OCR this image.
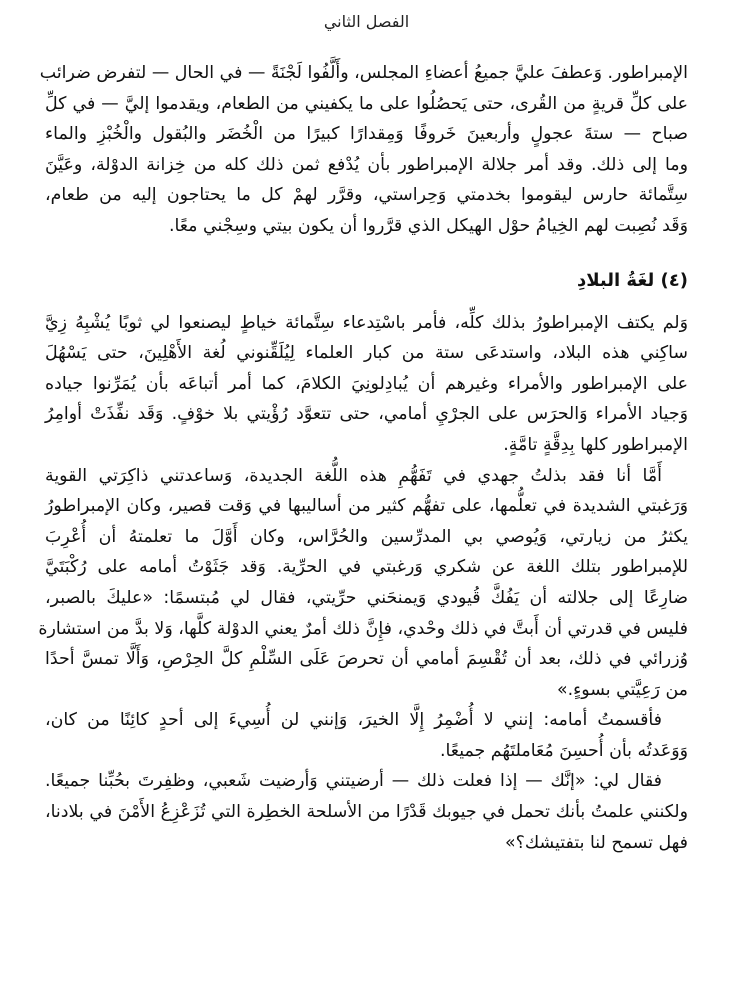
الفصل الثاني

الإمبراطور. وَعطفَ عليَّ جميعُ أعضاءِ المجلس، وأَلَّفُوا لَجْنَةً — في الحال — لتفرض ضرائب
على كلِّ قريةٍ من القُرى، حتى يَحصُلُوا على ما يكفيني من الطعام، ويقدموا إليَّ — في كلِّ
صباح — ستةَ عجولٍ وأربعينَ خَروفًا وَمِقدارًا كبيرًا من الْخُضَر والبُقول والْخُبْزِ والماء
وما إلى ذلك. وقد أمر جلالة الإمبراطور بأن يُدْفع ثمن ذلك كله من خِزانة الدوْلة، وعَيَّنَ
سِتَّمائة حارس ليقوموا بخدمتي وَحِراستي، وقرَّر لهمْ كل ما يحتاجون إليه من طعام،
وَقَد نُصِبت لهم الخِيامُ حوْل الهيكل الذي قرَّروا أن يكون بيتي وسِجْني معًا.

(٤) لغَةُ البلادِ

وَلم يكتف الإمبراطورُ بذلك كلِّه، فأمر باسْتِدعاء سِتَّمائة خياطٍ ليصنعوا لي ثوبًا يُشْبِهُ زِيَّ
ساكِني هذه البلاد، واستدعَى ستة من كبار العلماء لِيُلَقِّنوني لُغة الأَهْلِينَ، حتى يَسْهُلَ
على الإمبراطور والأمراء وغيرهم أن يُبادِلونِيَ الكلامَ، كما أمر أتباعَه بأن يُمَرِّنوا جياده
وَجياد الأمراء وَالحرَس على الجرْيِ أمامي، حتى تتعوَّد رُؤْيتي بلا خوْفٍ. وَقَد نفِّذَتْ أوامِرُ
الإمبراطور كلها بِدِقَّةٍ تامَّةٍ.

أَمَّا أنا فقد بذلتُ جهدي في تَفَهُّمِ هذه اللُّغة الجديدة، وَساعدتني ذاكِرَتي القوية
وَرَغبتي الشديدة في تعلُّمها، على تفهُّم كثير من أساليبها في وَقت قصير، وكان الإمبراطورُ
يكثرُ من زيارتي، وَيُوصي بي المدرِّسين والحُرَّاس، وكان أَوَّلَ ما تعلمتهُ أن أُعْرِبَ
للإمبراطور بتلك اللغة عن شكري وَرغبتي في الحرِّية. وَقد جَثَوْتُ أمامه على رُكْبَتَيَّ
ضارِعًا إلى جلالته أن يَفُكَّ قُيودي وَيمنحَني حرِّيتي، فقال لي مُبتسمًا: «عليكَ بالصبر،
فليس في قدرتي أن أَبتَّ في ذلك وحْدي، فإِنَّ ذلك أمرٌ يعني الدوْلة كلَّها، وَلا بدَّ من استشارة
وُزرائي في ذلك، بعد أن تُقْسِمَ أمامي أن تحرصَ عَلَى السِّلْمِ كلَّ الحِرْصِ، وَأَلَّا تمسَّ أحدًا
من رَعِيَّتي بسوءٍ.»

فأقسمتُ أمامه: إنني لا أُضْمِرُ إِلَّا الخيرَ، وَإنني لن أُسِيءَ إلى أحدٍ كائِنًا من كان،
وَوَعَدتُه بأن أُحسِنَ مُعَاملتَهُم جميعًا.

فقال لي: «إنَّك — إذا فعلت ذلك — أرضيتني وَأرضيت شَعبي، وظفِرتَ بحُبِّنا جميعًا.
ولكنني علمتُ بأنك تحمل في جيوبك قَدْرًا من الأسلحة الخطِرة التي تُزَعْزِعُ الأَمْنَ في بلادنا،
فهل تسمح لنا بتفتيشك؟»
